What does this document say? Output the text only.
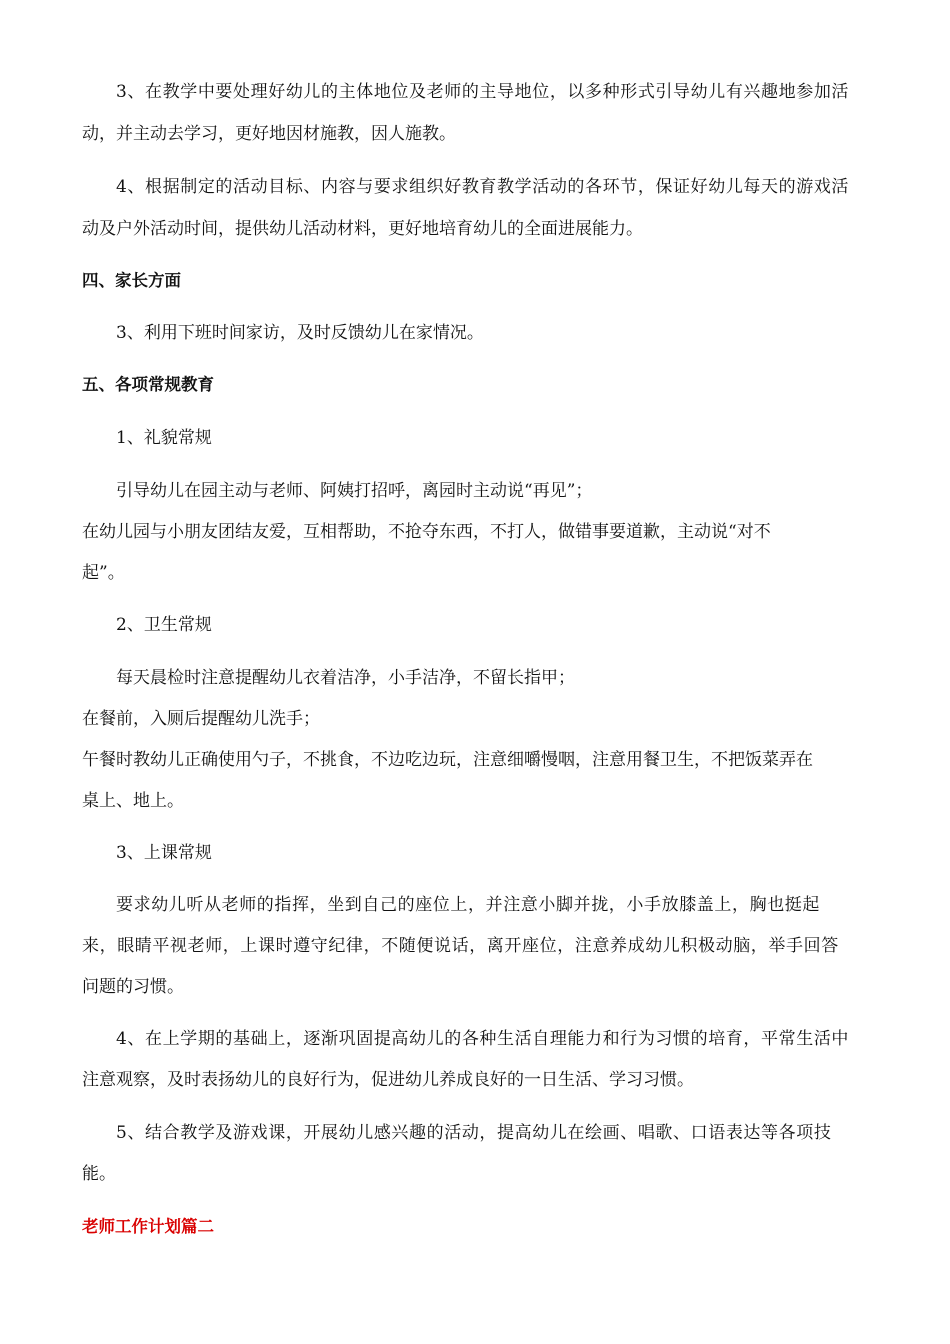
3、在教学中要处理好幼儿的主体地位及老师的主导地位，以多种形式引导幼儿有兴趣地参加活
动，并主动去学习，更好地因材施教，因人施教。
4、根据制定的活动目标、内容与要求组织好教育教学活动的各环节，保证好幼儿每天的游戏活
动及户外活动时间，提供幼儿活动材料，更好地培育幼儿的全面进展能力。
四、家长方面
3、利用下班时间家访，及时反馈幼儿在家情况。
五、各项常规教育
1、礼貌常规
引导幼儿在园主动与老师、阿姨打招呼，离园时主动说“再见”；
在幼儿园与小朋友团结友爱，互相帮助，不抢夺东西，不打人，做错事要道歉，主动说“对不
起”。
2、卫生常规
每天晨检时注意提醒幼儿衣着洁净，小手洁净，不留长指甲；
在餐前，入厕后提醒幼儿洗手；
午餐时教幼儿正确使用勺子，不挑食，不边吃边玩，注意细嚼慢咽，注意用餐卫生，不把饭菜弄在
桌上、地上。
3、上课常规
要求幼儿听从老师的指挥，坐到自己的座位上，并注意小脚并拢，小手放膝盖上，胸也挺起
来，眼睛平视老师，上课时遵守纪律，不随便说话，离开座位，注意养成幼儿积极动脑，举手回答
问题的习惯。
4、在上学期的基础上，逐渐巩固提高幼儿的各种生活自理能力和行为习惯的培育，平常生活中
注意观察，及时表扬幼儿的良好行为，促进幼儿养成良好的一日生活、学习习惯。
5、结合教学及游戏课，开展幼儿感兴趣的活动，提高幼儿在绘画、唱歌、口语表达等各项技
能。
老师工作计划篇二
